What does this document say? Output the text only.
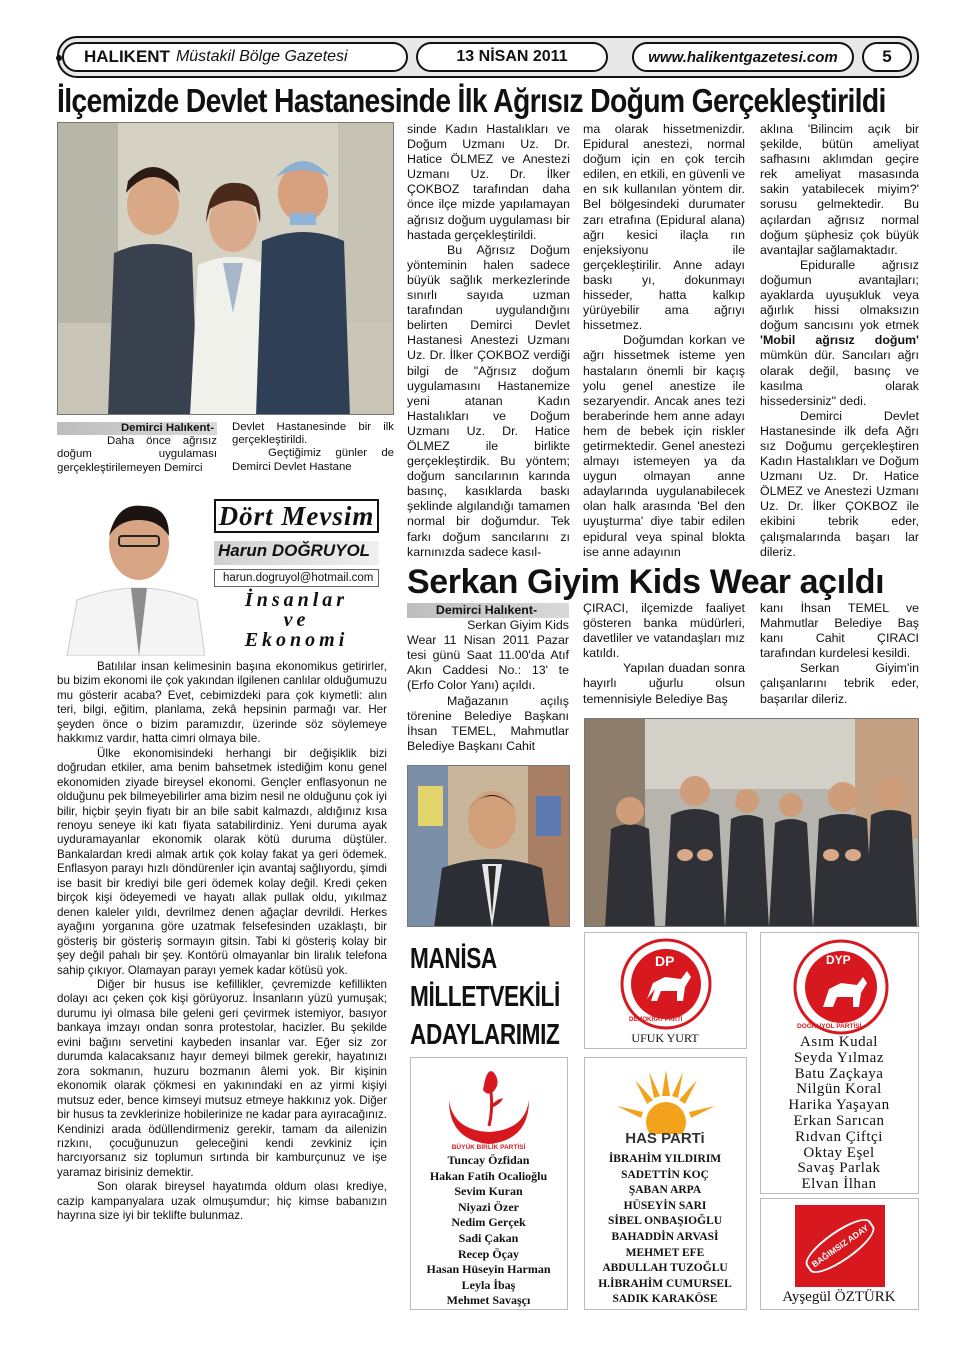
HALIKENT Müstakil Bölge Gazetesi	13 NİSAN 2011	www.halikentgazetesi.com	5
İlçemizde Devlet Hastanesinde İlk Ağrısız Doğum Gerçekleştirildi
Demirci Halıkent-

Daha önce ağrısız doğum uygulaması gerçekleştirilemeyen Demirci

Devlet Hastanesinde bir ilk gerçekleştirildi.

Geçtiğimiz günler de Demirci Devlet Hastane

sinde Kadın Hastalıkları ve Doğum Uzmanı Uz. Dr. Hatice ÖLMEZ ve Anestezi Uzmanı Uz. Dr. İlker ÇOKBOZ tarafından daha önce ilçe mizde yapılamayan ağrısız doğum uygulaması bir hastada gerçekleştirildi.

Bu Ağrısız Doğum yönteminin halen sadece büyük sağlık merkezlerinde sınırlı sayıda uzman tarafından uygulandığını belirten Demirci Devlet Hastanesi Anestezi Uzmanı Uz. Dr. İlker ÇOKBOZ verdiği bilgi de "Ağrısız doğum uygulamasını Hastanemize yeni atanan Kadın Hastalıkları ve Doğum Uzmanı Uz. Dr. Hatice ÖLMEZ ile birlikte gerçekleştirdik. Bu yöntem; doğum sancılarının karında basınç, kasıklarda baskı şeklinde algılandığı tamamen normal bir doğumdur. Tek farkı doğum sancılarını zı karnınızda sadece kasıl-

ma olarak hissetmenizdir. Epidural anestezi, normal doğum için en çok tercih edilen, en etkili, en güvenli ve en sık kullanılan yöntem dir. Bel bölgesindeki durumater zarı etrafına (Epidural alana) ağrı kesici ilaçla rın enjeksiyonu ile gerçekleştirilir. Anne adayı baskı yı, dokunmayı hisseder, hatta kalkıp yürüyebilir ama ağrıyı hissetmez.

Doğumdan korkan ve ağrı hissetmek isteme yen hastaların önemli bir kaçış yolu genel anestize ile sezaryendir. Ancak anes tezi beraberinde hem anne adayı hem de bebek için riskler getirmektedir. Genel anestezi almayı istemeyen ya da uygun olmayan anne adaylarında uygulanabilecek olan halk arasında 'Bel den uyuşturma' diye tabir edilen epidural veya spinal blokta ise anne adayının

aklına 'Bilincim açık bir şekilde, bütün ameliyat safhasını aklımdan geçire rek ameliyat masasında sakin yatabilecek miyim?' sorusu gelmektedir. Bu açılardan ağrısız normal doğum şüphesiz çok büyük avantajlar sağlamaktadır.

Epiduralle ağrısız doğumun avantajları; ayaklarda uyuşukluk veya ağırlık hissi olmaksızın doğum sancısını yok etmek 'Mobil ağrısız doğum' mümkün dür. Sancıları ağrı olarak değil, basınç ve kasılma olarak hissedersiniz" dedi.

Demirci Devlet Hastanesinde ilk defa Ağrı sız Doğumu gerçekleştiren Kadın Hastalıkları ve Doğum Uzmanı Uz. Dr. Hatice ÖLMEZ ve Anestezi Uzmanı Uz. Dr. İlker ÇOKBOZ ile ekibini tebrik eder, çalışmalarında başarı lar dileriz.

Dört Mevsim
Harun DOĞRUYOL
harun.dogruyol@hotmail.com
İnsanlar
ve
Ekonomi

Batılılar insan kelimesinin başına ekonomikus getirirler, bu bizim ekonomi ile çok yakından ilgilenen canlılar olduğumuzu mu gösterir acaba? Evet, cebimizdeki para çok kıymetli: alın teri, bilgi, eğitim, planlama, zekâ hepsinin parmağı var. Her şeyden önce o bizim paramızdır, üzerinde söz söylemeye hakkımız vardır, hatta cimri olmaya bile.

Ülke ekonomisindeki herhangi bir değişiklik bizi doğrudan etkiler, ama benim bahsetmek istediğim konu genel ekonomiden ziyade bireysel ekonomi. Gençler enflasyonun ne olduğunu pek bilmeyebilirler ama bizim nesil ne olduğunu çok iyi bilir, hiçbir şeyin fiyatı bir an bile sabit kalmazdı, aldığınız kısa renoyu seneye iki katı fiyata satabilirdiniz. Yeni duruma ayak uyduramayanlar ekonomik olarak kötü duruma düştüler. Bankalardan kredi almak artık çok kolay fakat ya geri ödemek. Enflasyon parayı hızlı döndürenler için avantaj sağlıyordu, şimdi ise basit bir krediyi bile geri ödemek kolay değil. Kredi çeken birçok kişi ödeyemedi ve hayatı allak pullak oldu, yıkılmaz denen kaleler yıldı, devrilmez denen ağaçlar devrildi. Herkes ayağını yorganına göre uzatmak felsefesinden uzaklaştı, bir gösteriş bir gösteriş sormayın gitsin. Tabi ki gösteriş kolay bir şey değil pahalı bir şey. Kontörü olmayanlar bin liralık telefona sahip çıkıyor. Olamayan parayı yemek kadar kötüsü yok.

Diğer bir husus ise kefillikler, çevremizde kefillikten dolayı acı çeken çok kişi görüyoruz. İnsanların yüzü yumuşak; durumu iyi olmasa bile geleni geri çevirmek istemiyor, basıyor bankaya imzayı ondan sonra protestolar, hacizler. Bu şekilde evini bağını servetini kaybeden insanlar var. Eğer siz zor durumda kalacaksanız hayır demeyi bilmek gerekir, hayatınızı zora sokmanın, huzuru bozmanın âlemi yok. Bir kişinin ekonomik olarak çökmesi en yakınındaki en az yirmi kişiyi mutsuz eder, bence kimseyi mutsuz etmeye hakkınız yok. Diğer bir husus ta zevklerinize hobilerinize ne kadar para ayıracağınız. Kendinizi arada ödüllendirmeniz gerekir, tamam da ailenizin rızkını, çocuğunuzun geleceğini kendi zevkiniz için harcıyorsanız siz toplumun sırtında bir kamburçunuz ve işe yaramaz birisiniz demektir.

Son olarak bireysel hayatımda oldum olası krediye, cazip kampanyalara uzak olmuşumdur; hiç kimse babanızın hayrına size iyi bir teklifte bulunmaz.

Serkan Giyim Kids Wear açıldı
Demirci Halıkent-

Serkan Giyim Kids

Wear 11 Nisan 2011 Pazar tesi günü Saat 11.00'da Atıf Akın Caddesi No.: 13' te (Erfo Color Yanı) açıldı.

Mağazanın açılış törenine Belediye Başkanı İhsan TEMEL, Mahmutlar Belediye Başkanı Cahit

ÇIRACI, ilçemizde faaliyet gösteren banka müdürleri, davetliler ve vatandaşları mız katıldı.

Yapılan duadan sonra hayırlı uğurlu olsun temennisiyle Belediye Baş

kanı İhsan TEMEL ve Mahmutlar Belediye Baş kanı Cahit ÇIRACI tarafından kurdelesi kesildi.

Serkan Giyim'in çalışanlarını tebrik eder, başarılar dileriz.

MANİSA
MİLLETVEKİLİ
ADAYLARIMIZ
DP
DEMOKRAT PARTİ
UFUK YURT
DYP
DOĞRUYOL PARTİSİ
Asım Kudal
Seyda Yılmaz
Batu Zaçkaya
Nilgün Koral
Harika Yaşayan
Erkan Sarıcan
Rıdvan Çiftçi
Oktay Eşel
Savaş Parlak
Elvan İlhan
BÜYÜK BİRLİK PARTİSİ
Tuncay Özfidan
Hakan Fatih Ocalioğlu
Sevim Kuran
Niyazi Özer
Nedim Gerçek
Sadi Çakan
Recep Öçay
Hasan Hüseyin Harman
Leyla İbaş
Mehmet Savaşçı
HAS PARTi
İBRAHİM YILDIRIM
SADETTİN KOÇ
ŞABAN ARPA
HÜSEYİN SARI
SİBEL ONBAŞIOĞLU
BAHADDİN ARVASİ
MEHMET EFE
ABDULLAH TUZOĞLU
H.İBRAHİM CUMURSEL
SADIK KARAKÖSE
BAĞIMSIZ ADAY
Ayşegül ÖZTÜRK
